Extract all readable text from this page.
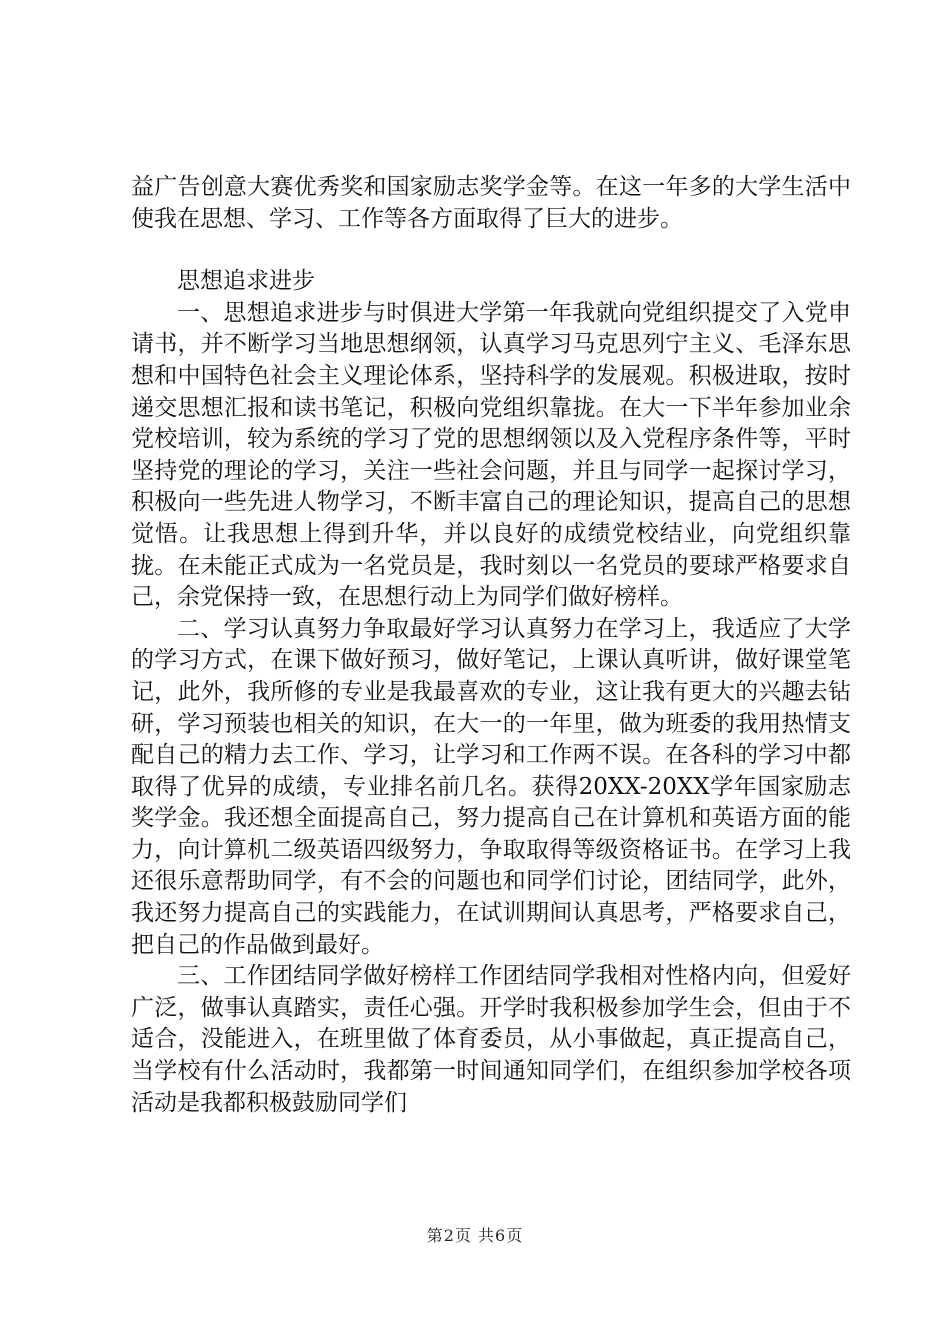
益广告创意大赛优秀奖和国家励志奖学金等。在这一年多的大学生活中使我在思想、学习、工作等各方面取得了巨大的进步。

思想追求进步

一、思想追求进步与时俱进大学第一年我就向党组织提交了入党申请书，并不断学习当地思想纲领，认真学习马克思列宁主义、毛泽东思想和中国特色社会主义理论体系，坚持科学的发展观。积极进取，按时递交思想汇报和读书笔记，积极向党组织靠拢。在大一下半年参加业余党校培训，较为系统的学习了党的思想纲领以及入党程序条件等，平时坚持党的理论的学习，关注一些社会问题，并且与同学一起探讨学习，积极向一些先进人物学习，不断丰富自己的理论知识，提高自己的思想觉悟。让我思想上得到升华，并以良好的成绩党校结业，向党组织靠拢。在未能正式成为一名党员是，我时刻以一名党员的要球严格要求自己，余党保持一致，在思想行动上为同学们做好榜样。

二、学习认真努力争取最好学习认真努力在学习上，我适应了大学的学习方式，在课下做好预习，做好笔记，上课认真听讲，做好课堂笔记，此外，我所修的专业是我最喜欢的专业，这让我有更大的兴趣去钻研，学习预装也相关的知识，在大一的一年里，做为班委的我用热情支配自己的精力去工作、学习，让学习和工作两不误。在各科的学习中都取得了优异的成绩，专业排名前几名。获得20XX-20XX学年国家励志奖学金。我还想全面提高自己，努力提高自己在计算机和英语方面的能力，向计算机二级英语四级努力，争取取得等级资格证书。在学习上我还很乐意帮助同学，有不会的问题也和同学们讨论，团结同学，此外，我还努力提高自己的实践能力，在试训期间认真思考，严格要求自己，把自己的作品做到最好。

三、工作团结同学做好榜样工作团结同学我相对性格内向，但爱好广泛，做事认真踏实，责任心强。开学时我积极参加学生会，但由于不适合，没能进入，在班里做了体育委员，从小事做起，真正提高自己，当学校有什么活动时，我都第一时间通知同学们，在组织参加学校各项活动是我都积极鼓励同学们

第2页 共6页
